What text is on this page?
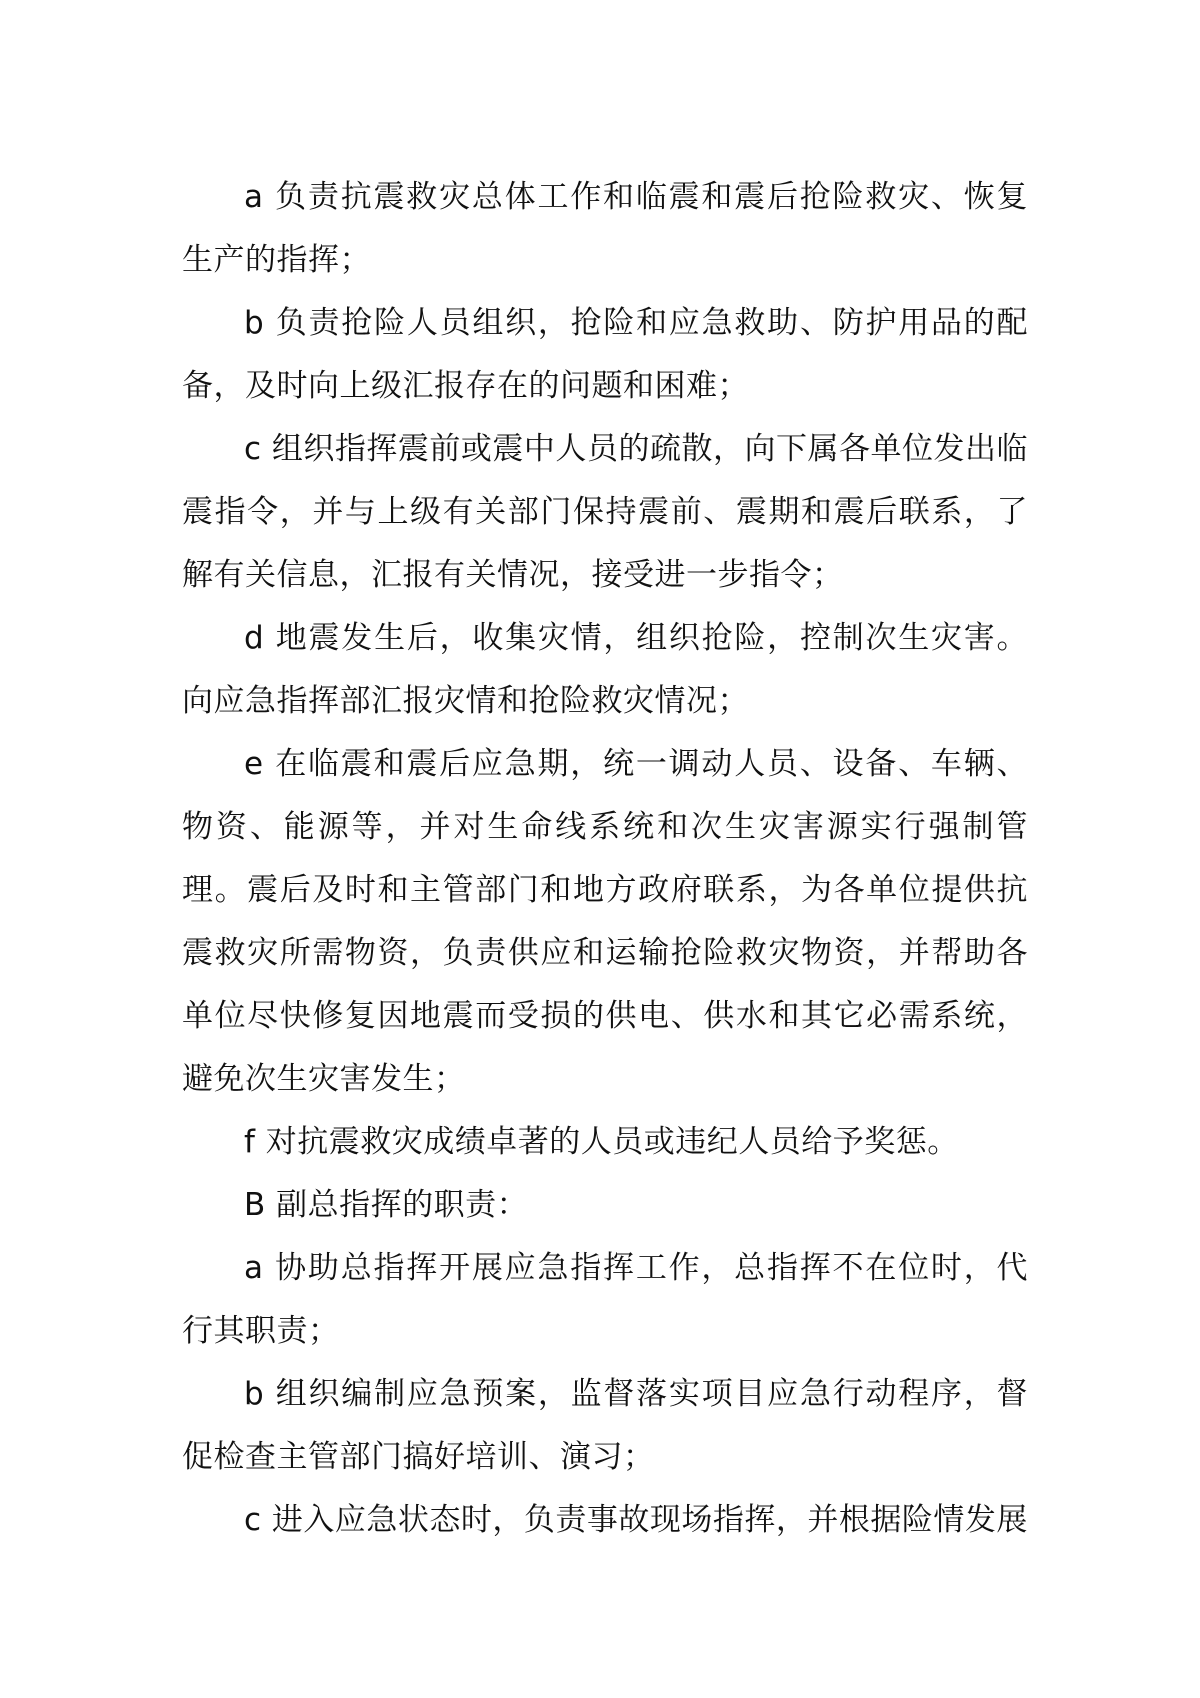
a 负责抗震救灾总体工作和临震和震后抢险救灾、恢复生产的指挥；

b 负责抢险人员组织，抢险和应急救助、防护用品的配备，及时向上级汇报存在的问题和困难；

c 组织指挥震前或震中人员的疏散，向下属各单位发出临震指令，并与上级有关部门保持震前、震期和震后联系，了解有关信息，汇报有关情况，接受进一步指令；

d 地震发生后，收集灾情，组织抢险，控制次生灾害。向应急指挥部汇报灾情和抢险救灾情况；

e 在临震和震后应急期，统一调动人员、设备、车辆、物资、能源等，并对生命线系统和次生灾害源实行强制管理。震后及时和主管部门和地方政府联系，为各单位提供抗震救灾所需物资，负责供应和运输抢险救灾物资，并帮助各单位尽快修复因地震而受损的供电、供水和其它必需系统，避免次生灾害发生；

f 对抗震救灾成绩卓著的人员或违纪人员给予奖惩。

B 副总指挥的职责：

a 协助总指挥开展应急指挥工作，总指挥不在位时，代行其职责；

b 组织编制应急预案，监督落实项目应急行动程序，督促检查主管部门搞好培训、演习；

c 进入应急状态时，负责事故现场指挥，并根据险情发展
